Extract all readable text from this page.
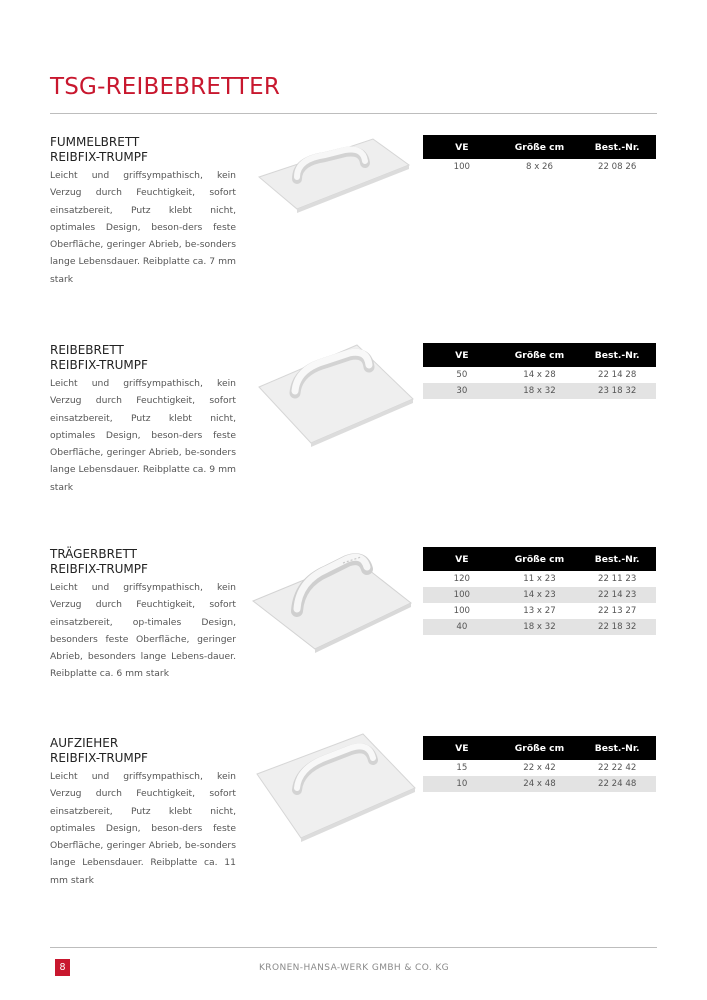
TSG-REIBEBRETTER
FUMMELBRETT
REIBFIX-TRUMPF
Leicht und griffsympathisch, kein Verzug durch Feuchtigkeit, sofort einsatzbereit, Putz klebt nicht, optimales Design, beson-ders feste Oberfläche, geringer Abrieb, be-sonders lange Lebensdauer. Reibplatte ca. 7 mm stark
VE	Größe cm	Best.-Nr.
100	8 x 26	22 08 26
REIBEBRETT
REIBFIX-TRUMPF
Leicht und griffsympathisch, kein Verzug durch Feuchtigkeit, sofort einsatzbereit, Putz klebt nicht, optimales Design, beson-ders feste Oberfläche, geringer Abrieb, be-sonders lange Lebensdauer. Reibplatte ca. 9 mm stark
VE	Größe cm	Best.-Nr.
50	14 x 28	22 14 28
30	18 x 32	23 18 32
TRÄGERBRETT
REIBFIX-TRUMPF
Leicht und griffsympathisch, kein Verzug durch Feuchtigkeit, sofort einsatzbereit, op-timales Design, besonders feste Oberfläche, geringer Abrieb, besonders lange Lebens-dauer. Reibplatte ca. 6 mm stark
VE	Größe cm	Best.-Nr.
120	11 x 23	22 11 23
100	14 x 23	22 14 23
100	13 x 27	22 13 27
40	18 x 32	22 18 32
AUFZIEHER
REIBFIX-TRUMPF
Leicht und griffsympathisch, kein Verzug durch Feuchtigkeit, sofort einsatzbereit, Putz klebt nicht, optimales Design, beson-ders feste Oberfläche, geringer Abrieb, be-sonders lange Lebensdauer. Reibplatte ca. 11 mm stark
VE	Größe cm	Best.-Nr.
15	22 x 42	22 22 42
10	24 x 48	22 24 48
8	KRONEN-HANSA-WERK GMBH & CO. KG
